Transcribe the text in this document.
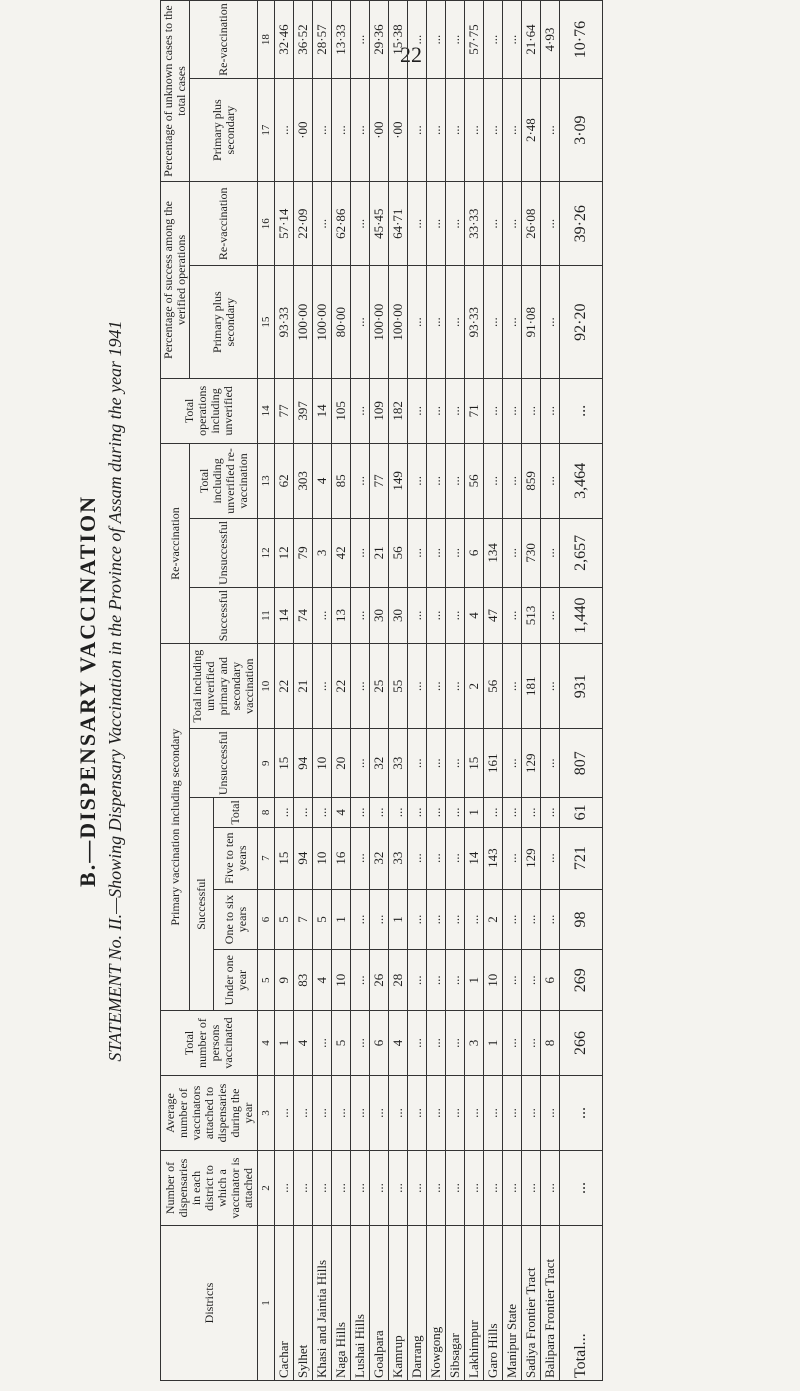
22
B.—DISPENSARY VACCINATION STATEMENT No. II.—Showing Dispensary Vaccination in the Province of Assam during the year 1941
Districts	Number of dispensaries in each district to which a vaccinator is attached	Average number of vaccinators attached to dispensaries during the year	Total number of persons vaccinated	Primary vaccination including secondary						Re-vaccination			Total operations including unverified	Percentage of success among the verified operations		Percentage of unknown cases to the total cases	
				Successful				Unsuccessful	Total including unverified primary and secondary vaccination	Successful	Unsuccessful	Total including unverified re-vaccination		Primary plus secondary	Re-vaccination	Primary plus secondary	Re-vaccination
				Under one year	One to six years	Five to ten years	Total										
1	2	3	4	5	6	7	8	9	10	11	12	13	14	15	16	17	18
Cachar	...	...	1	9	5	15	...	15	22	14	12	62	77	93·33	57·14	...	32·46
Sylhet	...	...	4	83	7	94	...	94	21	74	79	303	397	100·00	22·09	·00	36·52
Khasi and Jaintia Hills	...	...	...	4	5	10	...	10	...	...	3	4	14	100·00	...	...	28·57
Naga Hills	...	...	5	10	1	16	4	20	22	13	42	85	105	80·00	62·86	...	13·33
Lushai Hills	...	...	...	...	...	...	...	...	...	...	...	...	...	...	...	...	...
Goalpara	...	...	6	26	...	32	...	32	25	30	21	77	109	100·00	45·45	·00	29·36
Kamrup	...	...	4	28	1	33	...	33	55	30	56	149	182	100·00	64·71	·00	15·38
Darrang	...	...	...	...	...	...	...	...	...	...	...	...	...	...	...	...	...
Nowgong	...	...	...	...	...	...	...	...	...	...	...	...	...	...	...	...	...
Sibsagar	...	...	...	...	...	...	...	...	...	...	...	...	...	...	...	...	...
Lakhimpur	...	...	3	1	...	14	1	15	2	4	6	56	71	93·33	33·33	...	57·75
Garo Hills	...	...	1	10	2	143	...	161	56	47	134	...	...	...	...	...	...
Manipur State	...	...	...	...	...	...	...	...	...	...	...	...	...	...	...	...	...
Sadiya Frontier Tract	...	...	...	...	...	129	...	129	181	513	730	859	...	91·08	26·08	2·48	21·64
Balipara Frontier Tract	...	...	8	6	...	...	...	...	...	...	...	...	...	...	...	...	4·93
Total...	...	...	266	269	98	721	61	807	931	1,440	2,657	3,464	...	92·20	39·26	3·09	10·76
